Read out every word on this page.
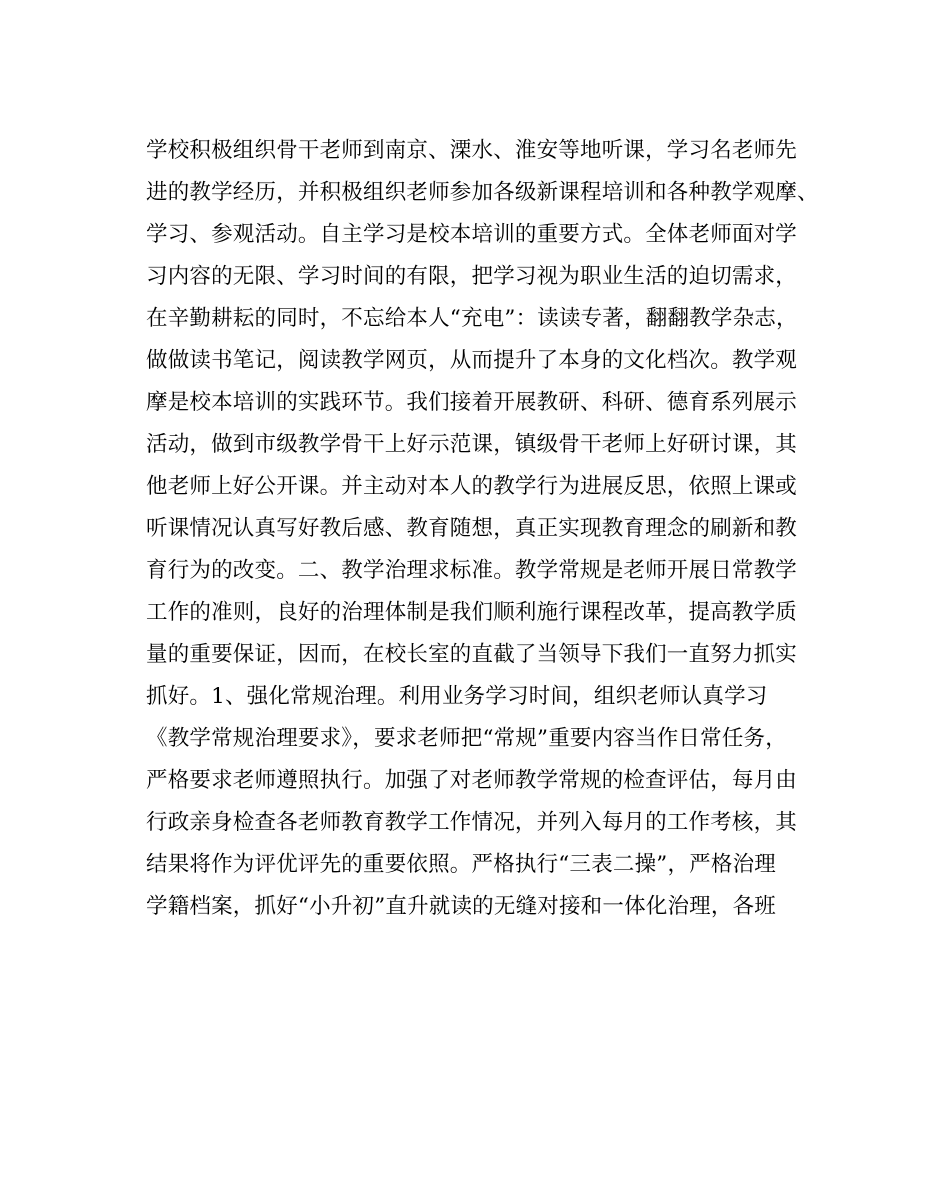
学校积极组织骨干老师到南京、溧水、淮安等地听课，学习名老师先
进的教学经历，并积极组织老师参加各级新课程培训和各种教学观摩、
学习、参观活动。自主学习是校本培训的重要方式。全体老师面对学
习内容的无限、学习时间的有限，把学习视为职业生活的迫切需求，
在辛勤耕耘的同时，不忘给本人“充电”：读读专著，翻翻教学杂志，
做做读书笔记，阅读教学网页，从而提升了本身的文化档次。教学观
摩是校本培训的实践环节。我们接着开展教研、科研、德育系列展示
活动，做到市级教学骨干上好示范课，镇级骨干老师上好研讨课，其
他老师上好公开课。并主动对本人的教学行为进展反思，依照上课或
听课情况认真写好教后感、教育随想，真正实现教育理念的刷新和教
育行为的改变。二、教学治理求标准。教学常规是老师开展日常教学
工作的准则，良好的治理体制是我们顺利施行课程改革，提高教学质
量的重要保证，因而，在校长室的直截了当领导下我们一直努力抓实
抓好。1、强化常规治理。利用业务学习时间，组织老师认真学习
《教学常规治理要求》，要求老师把“常规”重要内容当作日常任务，
严格要求老师遵照执行。加强了对老师教学常规的检查评估，每月由
行政亲身检查各老师教育教学工作情况，并列入每月的工作考核，其
结果将作为评优评先的重要依照。严格执行“三表二操”，严格治理
学籍档案，抓好“小升初”直升就读的无缝对接和一体化治理，各班
